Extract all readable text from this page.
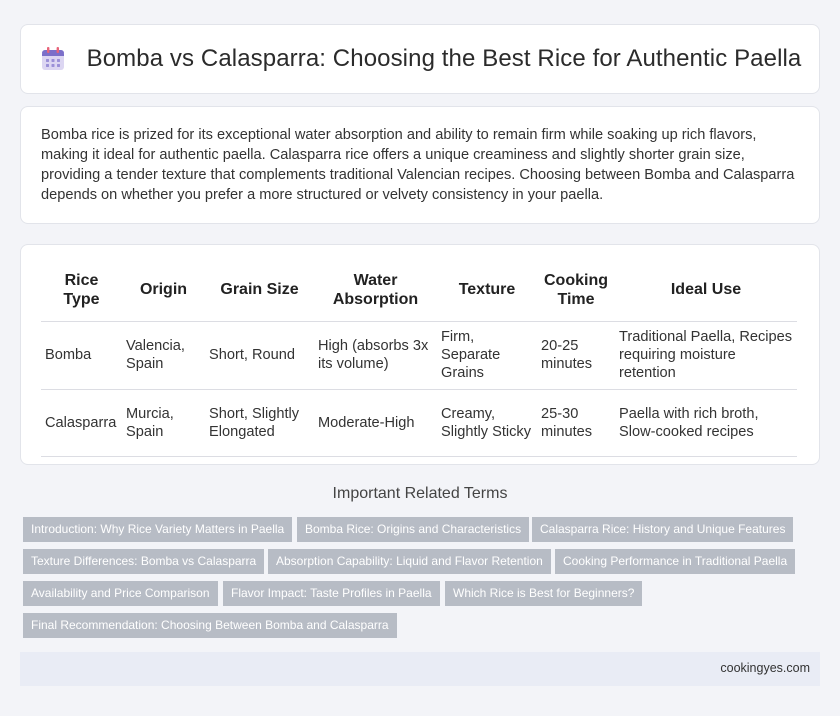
Bomba vs Calasparra: Choosing the Best Rice for Authentic Paella

Bomba rice is prized for its exceptional water absorption and ability to remain firm while soaking up rich flavors, making it ideal for authentic paella. Calasparra rice offers a unique creaminess and slightly shorter grain size, providing a tender texture that complements traditional Valencian recipes. Choosing between Bomba and Calasparra depends on whether you prefer a more structured or velvety consistency in your paella.

Rice Type	Origin	Grain Size	Water Absorption	Texture	Cooking Time	Ideal Use
Bomba	Valencia, Spain	Short, Round	High (absorbs 3x its volume)	Firm, Separate Grains	20-25 minutes	Traditional Paella, Recipes requiring moisture retention
Calasparra	Murcia, Spain	Short, Slightly Elongated	Moderate-High	Creamy, Slightly Sticky	25-30 minutes	Paella with rich broth, Slow-cooked recipes
Important Related Terms
Introduction: Why Rice Variety Matters in Paella	Bomba Rice: Origins and Characteristics	Calasparra Rice: History and Unique Features
Texture Differences: Bomba vs Calasparra	Absorption Capability: Liquid and Flavor Retention	Cooking Performance in Traditional Paella
Availability and Price Comparison	Flavor Impact: Taste Profiles in Paella	Which Rice is Best for Beginners?
Final Recommendation: Choosing Between Bomba and Calasparra
cookingyes.com
